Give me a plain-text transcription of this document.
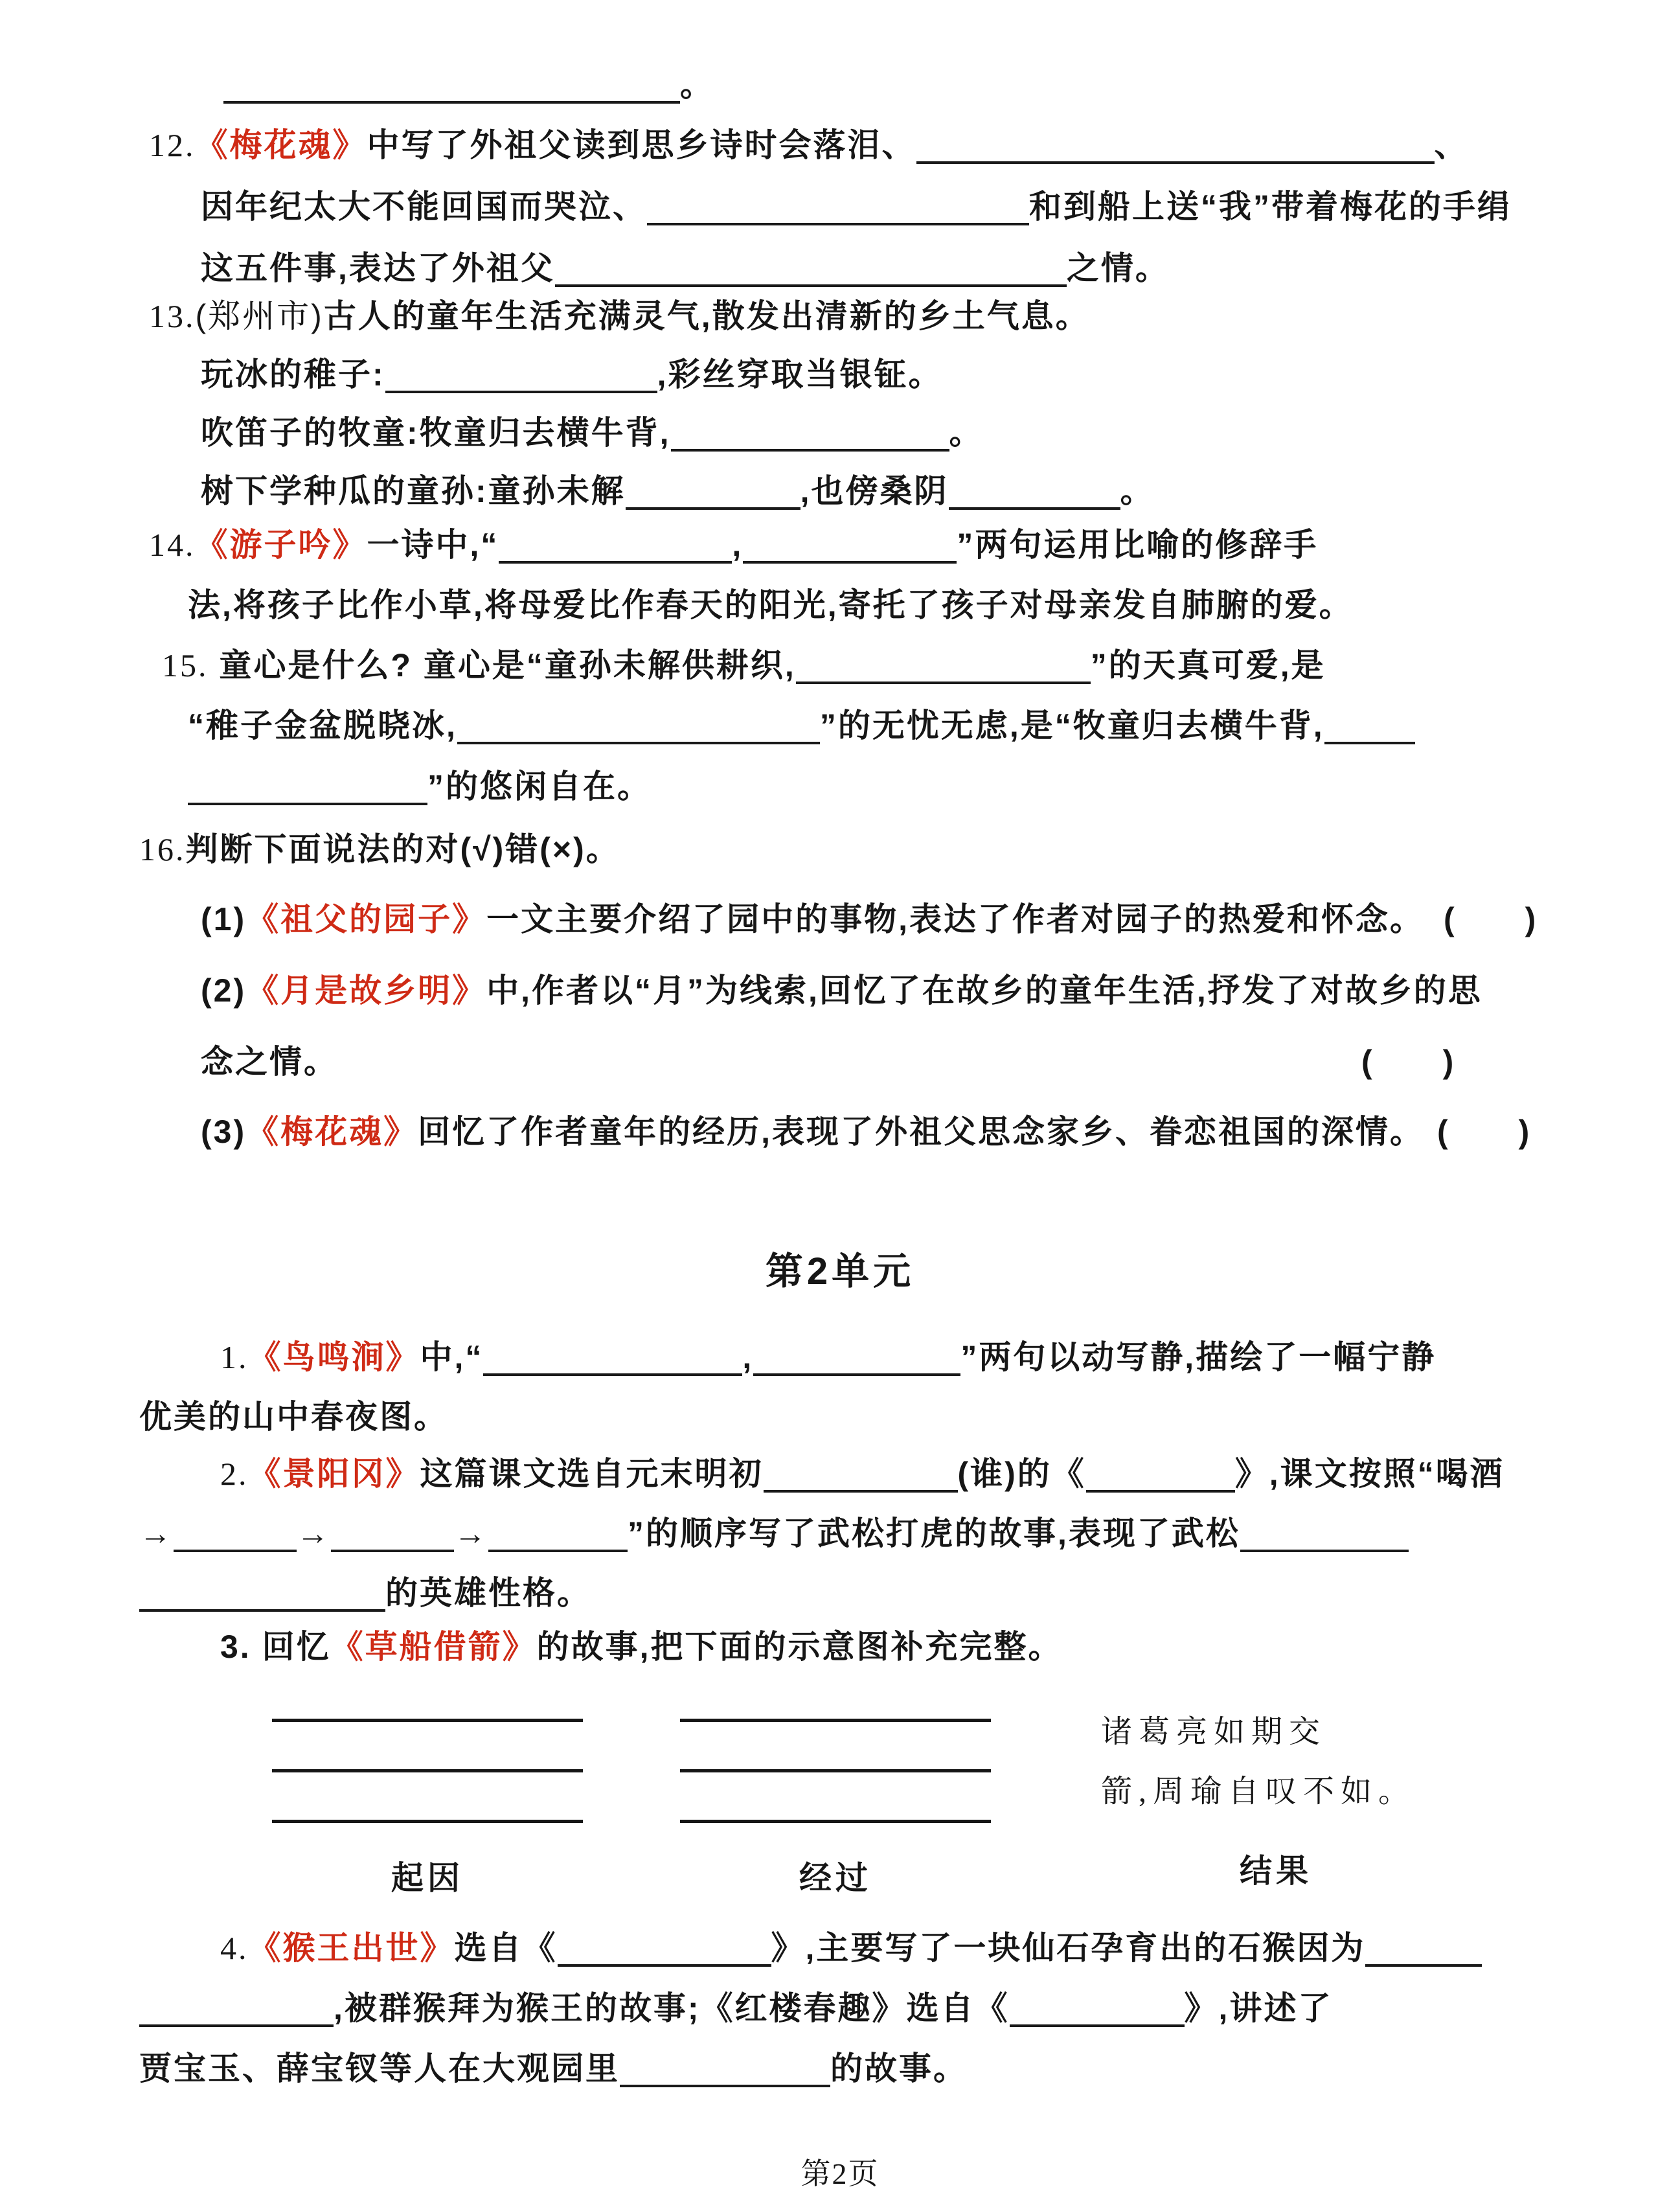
。
12.《梅花魂》中写了外祖父读到思乡诗时会落泪、	、
因年纪太大不能回国而哭泣、	和到船上送“我”带着梅花的手绢
这五件事,表达了外祖父	之情。
13.(郑州市)古人的童年生活充满灵气,散发出清新的乡土气息。
玩冰的稚子:	,彩丝穿取当银钲。
吹笛子的牧童:牧童归去横牛背,	。
树下学种瓜的童孙:童孙未解	,也傍桑阴	。
14.《游子吟》一诗中,“	,	”两句运用比喻的修辞手
法,将孩子比作小草,将母爱比作春天的阳光,寄托了孩子对母亲发自肺腑的爱。
15. 童心是什么? 童心是“童孙未解供耕织,	”的天真可爱,是
“稚子金盆脱晓冰,	”的无忧无虑,是“牧童归去横牛背,
”的悠闲自在。
16.判断下面说法的对(√)错(×)。
(1)《祖父的园子》一文主要介绍了园中的事物,表达了作者对园子的热爱和怀念。 (　　)
(2)《月是故乡明》中,作者以“月”为线索,回忆了在故乡的童年生活,抒发了对故乡的思
念之情。	(　　)
(3)《梅花魂》回忆了作者童年的经历,表现了外祖父思念家乡、眷恋祖国的深情。 (　　)
第2单元
1.《鸟鸣涧》中,“	,	”两句以动写静,描绘了一幅宁静
优美的山中春夜图。
2.《景阳冈》这篇课文选自元末明初	(谁)的《	》,课文按照“喝酒
→	→	→	”的顺序写了武松打虎的故事,表现了武松
的英雄性格。
3. 回忆《草船借箭》的故事,把下面的示意图补充完整。
起因	经过
诸葛亮如期交
箭,周瑜自叹不如。
结果
4.《猴王出世》选自《	》,主要写了一块仙石孕育出的石猴因为
,被群猴拜为猴王的故事;《红楼春趣》选自《	》,讲述了
贾宝玉、薛宝钗等人在大观园里	的故事。
第2页
